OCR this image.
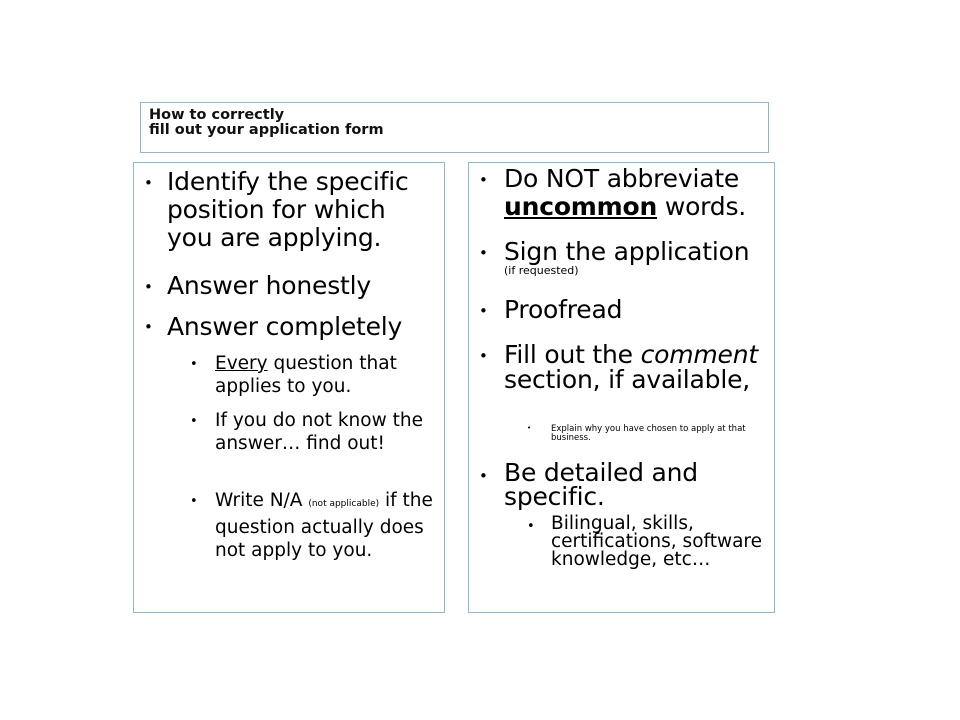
How to correctly
fill out your application form
• Identify the specific position for which you are applying.
• Answer honestly
• Answer completely
• Every question that applies to you.
• If you do not know the answer… find out!
• Write N/A (not applicable) if the question actually does not apply to you.
• Do NOT abbreviate uncommon words.
• Sign the application
(if requested)
• Proofread
• Fill out the comment section, if available,
• Explain why you have chosen to apply at that business.
• Be detailed and specific.
• Bilingual, skills, certifications, software knowledge, etc…
